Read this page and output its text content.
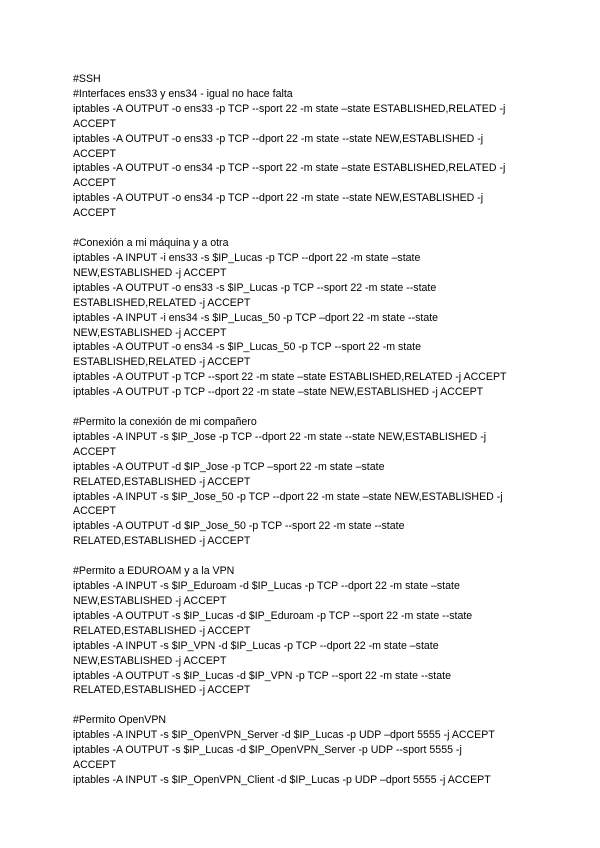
#SSH
#Interfaces ens33 y ens34 - igual no hace falta
iptables -A OUTPUT -o ens33 -p TCP --sport 22 -m state –state ESTABLISHED,RELATED -j
ACCEPT
iptables -A OUTPUT -o ens33 -p TCP --dport 22 -m state --state NEW,ESTABLISHED -j
ACCEPT
iptables -A OUTPUT -o ens34 -p TCP --sport 22 -m state –state ESTABLISHED,RELATED -j
ACCEPT
iptables -A OUTPUT -o ens34 -p TCP --dport 22 -m state --state NEW,ESTABLISHED -j
ACCEPT
#Conexión a mi máquina y a otra
iptables -A INPUT -i ens33 -s $IP_Lucas -p TCP --dport 22 -m state –state
NEW,ESTABLISHED -j ACCEPT
iptables -A OUTPUT -o ens33 -s $IP_Lucas -p TCP --sport 22 -m state --state
ESTABLISHED,RELATED -j ACCEPT
iptables -A INPUT -i ens34 -s $IP_Lucas_50 -p TCP –dport 22 -m state --state
NEW,ESTABLISHED -j ACCEPT
iptables -A OUTPUT -o ens34 -s $IP_Lucas_50 -p TCP --sport 22 -m state
ESTABLISHED,RELATED -j ACCEPT
iptables -A OUTPUT -p TCP --sport 22 -m state –state ESTABLISHED,RELATED -j ACCEPT
iptables -A OUTPUT -p TCP --dport 22 -m state –state NEW,ESTABLISHED -j ACCEPT
#Permito la conexión de mi compañero
iptables -A INPUT -s $IP_Jose -p TCP --dport 22 -m state --state NEW,ESTABLISHED -j
ACCEPT
iptables -A OUTPUT -d $IP_Jose -p TCP –sport 22 -m state –state
RELATED,ESTABLISHED -j ACCEPT
iptables -A INPUT -s $IP_Jose_50 -p TCP --dport 22 -m state –state NEW,ESTABLISHED -j
ACCEPT
iptables -A OUTPUT -d $IP_Jose_50 -p TCP --sport 22 -m state --state
RELATED,ESTABLISHED -j ACCEPT
#Permito a EDUROAM y a la VPN
iptables -A INPUT -s $IP_Eduroam -d $IP_Lucas -p TCP --dport 22 -m state –state
NEW,ESTABLISHED -j ACCEPT
iptables -A OUTPUT -s $IP_Lucas -d $IP_Eduroam -p TCP --sport 22 -m state --state
RELATED,ESTABLISHED -j ACCEPT
iptables -A INPUT -s $IP_VPN -d $IP_Lucas -p TCP --dport 22 -m state –state
NEW,ESTABLISHED -j ACCEPT
iptables -A OUTPUT -s $IP_Lucas -d $IP_VPN -p TCP --sport 22 -m state --state
RELATED,ESTABLISHED -j ACCEPT
#Permito OpenVPN
iptables -A INPUT -s $IP_OpenVPN_Server -d $IP_Lucas -p UDP –dport 5555 -j ACCEPT
iptables -A OUTPUT -s $IP_Lucas -d $IP_OpenVPN_Server -p UDP --sport 5555 -j
ACCEPT
iptables -A INPUT -s $IP_OpenVPN_Client -d $IP_Lucas -p UDP –dport 5555 -j ACCEPT
